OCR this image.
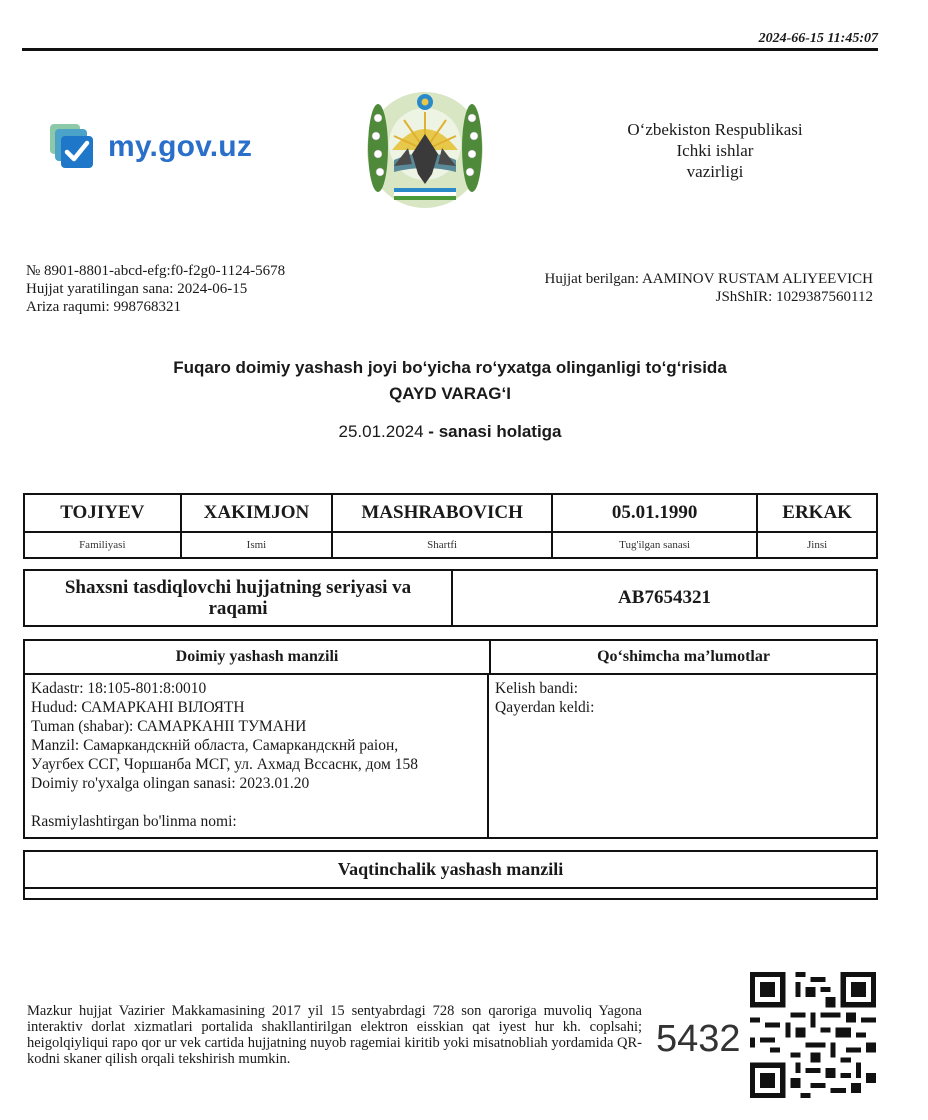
2024-66-15 11:45:07
my.gov.uz
O‘zbekiston Respublikasi
Ichki ishlar
vazirligi
№ 8901-8801-abcd-efg:f0-f2g0-1124-5678
Hujjat yaratilingan sana: 2024-06-15
Ariza raqumi: 998768321
Hujjat berilgan: AAMINOV RUSTAM ALIYEEVICH
JShShIR: 1029387560112
Fuqaro doimiy yashash joyi bo‘yicha ro‘yxatga olinganligi to‘g‘risida
QAYD VARAG‘I
25.01.2024 - sanasi holatiga
TOJIYEV	XAKIMJON	MASHRABOVICH	05.01.1990	ERKAK
Familiyasi	Ismi	Shartfi	Tug'ilgan sanasi	Jinsi
Shaxsni tasdiqlovchi hujjatning seriyasi va raqami
AB7654321
Doimiy yashash manzili	Qo‘shimcha ma’lumotlar
Kadastr: 18:105-801:8:0010
Hudud: САМАРКАНІ ВІЛОЯТН
Tuman (shabar): САМАРКАНІІ ТУМАНИ
Manzil: Самаркандскній областа, Самаркандскнй раіон,
Уаугбех ССГ, Чоршанба МСГ, ул. Ахмад Вссаснк, дом 158
Doimiy ro'yxalga olingan sanasi: 2023.01.20
Rasmiylashtirgan bo'linma nomi:
Kelish bandi:
Qayerdan keldi:
Vaqtinchalik yashash manzili
Mazkur hujjat Vazirier Makkamasining 2017 yil 15 sentyabrdagi 728 son qaroriga muvoliq Yagona interaktiv dorlat xizmatlari portalida shakllantirilgan elektron eisskian qat iyest hur kh. coplsahi; heigolqiyliqui rapo qor ur vek cartida hujjatning nuyob ragemiai kiritib yoki misatnobliah yordamida QR- kodni skaner qilish orqali tekshirish mumkin.	5432
